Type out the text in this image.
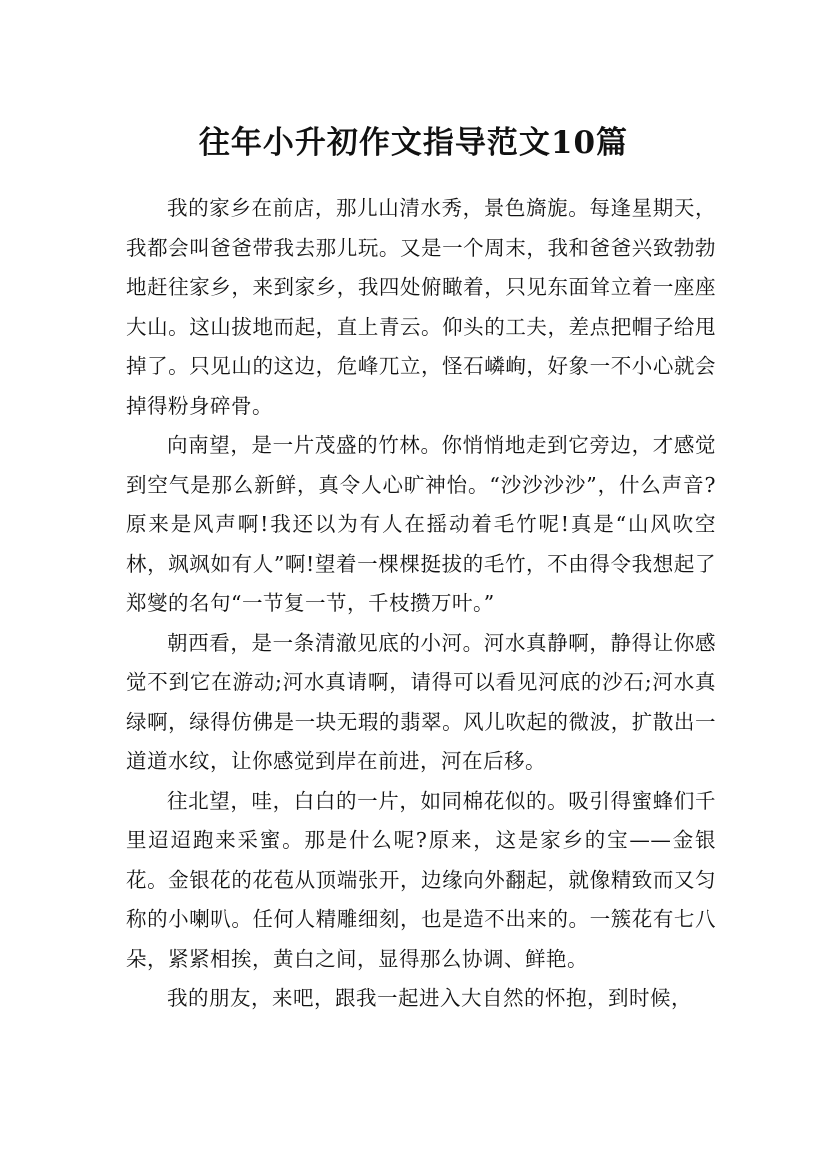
往年小升初作文指导范文10篇

我的家乡在前店，那儿山清水秀，景色旖旎。每逢星期天，我都会叫爸爸带我去那儿玩。又是一个周末，我和爸爸兴致勃勃地赶往家乡，来到家乡，我四处俯瞰着，只见东面耸立着一座座大山。这山拔地而起，直上青云。仰头的工夫，差点把帽子给甩掉了。只见山的这边，危峰兀立，怪石嶙峋，好象一不小心就会掉得粉身碎骨。

向南望，是一片茂盛的竹林。你悄悄地走到它旁边，才感觉到空气是那么新鲜，真令人心旷神怡。“沙沙沙沙”，什么声音?原来是风声啊!我还以为有人在摇动着毛竹呢!真是“山风吹空林，飒飒如有人”啊!望着一棵棵挺拔的毛竹，不由得令我想起了郑燮的名句“一节复一节，千枝攒万叶。”

朝西看，是一条清澈见底的小河。河水真静啊，静得让你感觉不到它在游动;河水真请啊，请得可以看见河底的沙石;河水真绿啊，绿得仿佛是一块无瑕的翡翠。风儿吹起的微波，扩散出一道道水纹，让你感觉到岸在前进，河在后移。

往北望，哇，白白的一片，如同棉花似的。吸引得蜜蜂们千里迢迢跑来采蜜。那是什么呢?原来，这是家乡的宝——金银花。金银花的花苞从顶端张开，边缘向外翻起，就像精致而又匀称的小喇叭。任何人精雕细刻，也是造不出来的。一簇花有七八朵，紧紧相挨，黄白之间，显得那么协调、鲜艳。

我的朋友，来吧，跟我一起进入大自然的怀抱，到时候，
